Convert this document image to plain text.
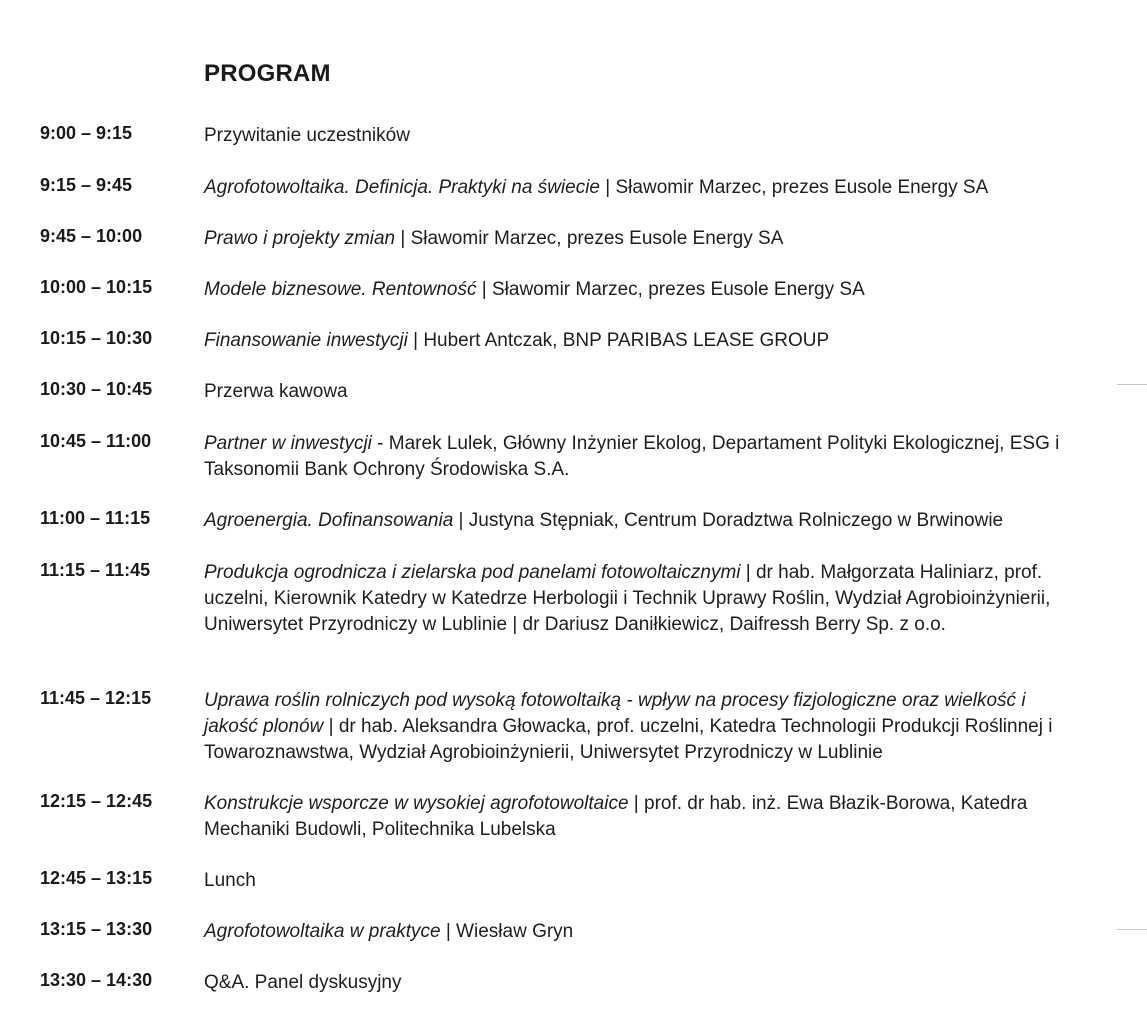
PROGRAM
9:00 – 9:15	Przywitanie uczestników
9:15 – 9:45	Agrofotowoltaika. Definicja. Praktyki na świecie | Sławomir Marzec, prezes Eusole Energy SA
9:45 – 10:00	Prawo i projekty zmian | Sławomir Marzec, prezes Eusole Energy SA
10:00 – 10:15	Modele biznesowe. Rentowność | Sławomir Marzec, prezes Eusole Energy SA
10:15 – 10:30	Finansowanie inwestycji | Hubert Antczak, BNP PARIBAS LEASE GROUP
10:30 – 10:45	Przerwa kawowa
10:45 – 11:00	Partner w inwestycji - Marek Lulek, Główny Inżynier Ekolog, Departament Polityki Ekologicznej, ESG i Taksonomii Bank Ochrony Środowiska S.A.
11:00 – 11:15	Agroenergia. Dofinansowania | Justyna Stępniak, Centrum Doradztwa Rolniczego w Brwinowie
11:15 – 11:45	Produkcja ogrodnicza i zielarska pod panelami fotowoltaicznymi | dr hab. Małgorzata Haliniarz, prof. uczelni, Kierownik Katedry w Katedrze Herbologii i Technik Uprawy Roślin, Wydział Agrobioinżynierii, Uniwersytet Przyrodniczy w Lublinie | dr Dariusz Daniłkiewicz, Daifressh Berry Sp. z o.o.
11:45 – 12:15	Uprawa roślin rolniczych pod wysoką fotowoltaiką - wpływ na procesy fizjologiczne oraz wielkość i jakość plonów | dr hab. Aleksandra Głowacka, prof. uczelni, Katedra Technologii Produkcji Roślinnej i Towaroznawstwa, Wydział Agrobioinżynierii, Uniwersytet Przyrodniczy w Lublinie
12:15 – 12:45	Konstrukcje wsporcze w wysokiej agrofotowoltaice | prof. dr hab. inż. Ewa Błazik-Borowa, Katedra Mechaniki Budowli, Politechnika Lubelska
12:45 – 13:15	Lunch
13:15 – 13:30	Agrofotowoltaika w praktyce | Wiesław Gryn
13:30 – 14:30	Q&A. Panel dyskusyjny
